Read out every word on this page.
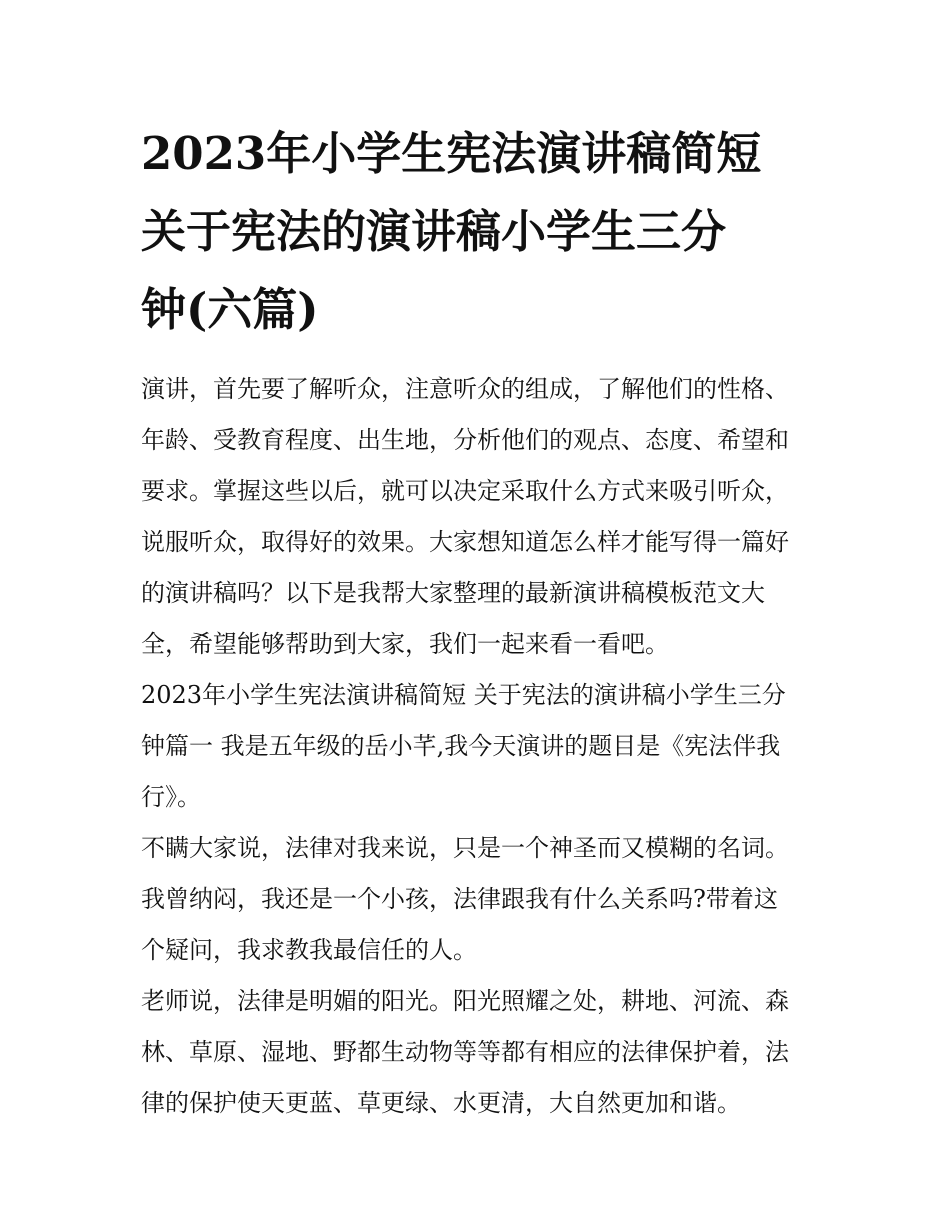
2023年小学生宪法演讲稿简短
关于宪法的演讲稿小学生三分
钟(六篇)

演讲，首先要了解听众，注意听众的组成，了解他们的性格、
年龄、受教育程度、出生地，分析他们的观点、态度、希望和
要求。掌握这些以后，就可以决定采取什么方式来吸引听众，
说服听众，取得好的效果。大家想知道怎么样才能写得一篇好
的演讲稿吗？以下是我帮大家整理的最新演讲稿模板范文大
全，希望能够帮助到大家，我们一起来看一看吧。

2023年小学生宪法演讲稿简短 关于宪法的演讲稿小学生三分
钟篇一 我是五年级的岳小芊,我今天演讲的题目是《宪法伴我
行》。

不瞒大家说，法律对我来说，只是一个神圣而又模糊的名词。
我曾纳闷，我还是一个小孩，法律跟我有什么关系吗?带着这
个疑问，我求教我最信任的人。

老师说，法律是明媚的阳光。阳光照耀之处，耕地、河流、森
林、草原、湿地、野都生动物等等都有相应的法律保护着，法
律的保护使天更蓝、草更绿、水更清，大自然更加和谐。
